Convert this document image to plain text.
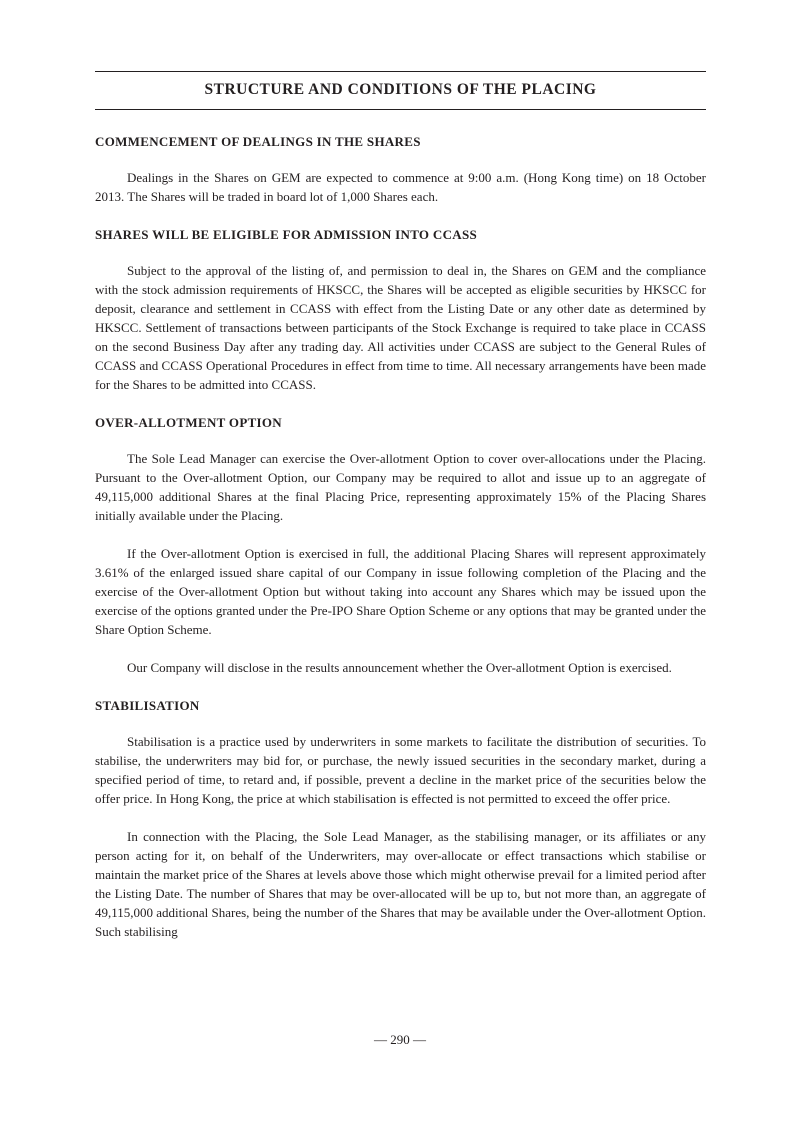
STRUCTURE AND CONDITIONS OF THE PLACING

COMMENCEMENT OF DEALINGS IN THE SHARES

Dealings in the Shares on GEM are expected to commence at 9:00 a.m. (Hong Kong time) on 18 October 2013. The Shares will be traded in board lot of 1,000 Shares each.

SHARES WILL BE ELIGIBLE FOR ADMISSION INTO CCASS

Subject to the approval of the listing of, and permission to deal in, the Shares on GEM and the compliance with the stock admission requirements of HKSCC, the Shares will be accepted as eligible securities by HKSCC for deposit, clearance and settlement in CCASS with effect from the Listing Date or any other date as determined by HKSCC. Settlement of transactions between participants of the Stock Exchange is required to take place in CCASS on the second Business Day after any trading day. All activities under CCASS are subject to the General Rules of CCASS and CCASS Operational Procedures in effect from time to time. All necessary arrangements have been made for the Shares to be admitted into CCASS.

OVER-ALLOTMENT OPTION

The Sole Lead Manager can exercise the Over-allotment Option to cover over-allocations under the Placing. Pursuant to the Over-allotment Option, our Company may be required to allot and issue up to an aggregate of 49,115,000 additional Shares at the final Placing Price, representing approximately 15% of the Placing Shares initially available under the Placing.

If the Over-allotment Option is exercised in full, the additional Placing Shares will represent approximately 3.61% of the enlarged issued share capital of our Company in issue following completion of the Placing and the exercise of the Over-allotment Option but without taking into account any Shares which may be issued upon the exercise of the options granted under the Pre-IPO Share Option Scheme or any options that may be granted under the Share Option Scheme.

Our Company will disclose in the results announcement whether the Over-allotment Option is exercised.

STABILISATION

Stabilisation is a practice used by underwriters in some markets to facilitate the distribution of securities. To stabilise, the underwriters may bid for, or purchase, the newly issued securities in the secondary market, during a specified period of time, to retard and, if possible, prevent a decline in the market price of the securities below the offer price. In Hong Kong, the price at which stabilisation is effected is not permitted to exceed the offer price.

In connection with the Placing, the Sole Lead Manager, as the stabilising manager, or its affiliates or any person acting for it, on behalf of the Underwriters, may over-allocate or effect transactions which stabilise or maintain the market price of the Shares at levels above those which might otherwise prevail for a limited period after the Listing Date. The number of Shares that may be over-allocated will be up to, but not more than, an aggregate of 49,115,000 additional Shares, being the number of the Shares that may be available under the Over-allotment Option. Such stabilising

— 290 —
